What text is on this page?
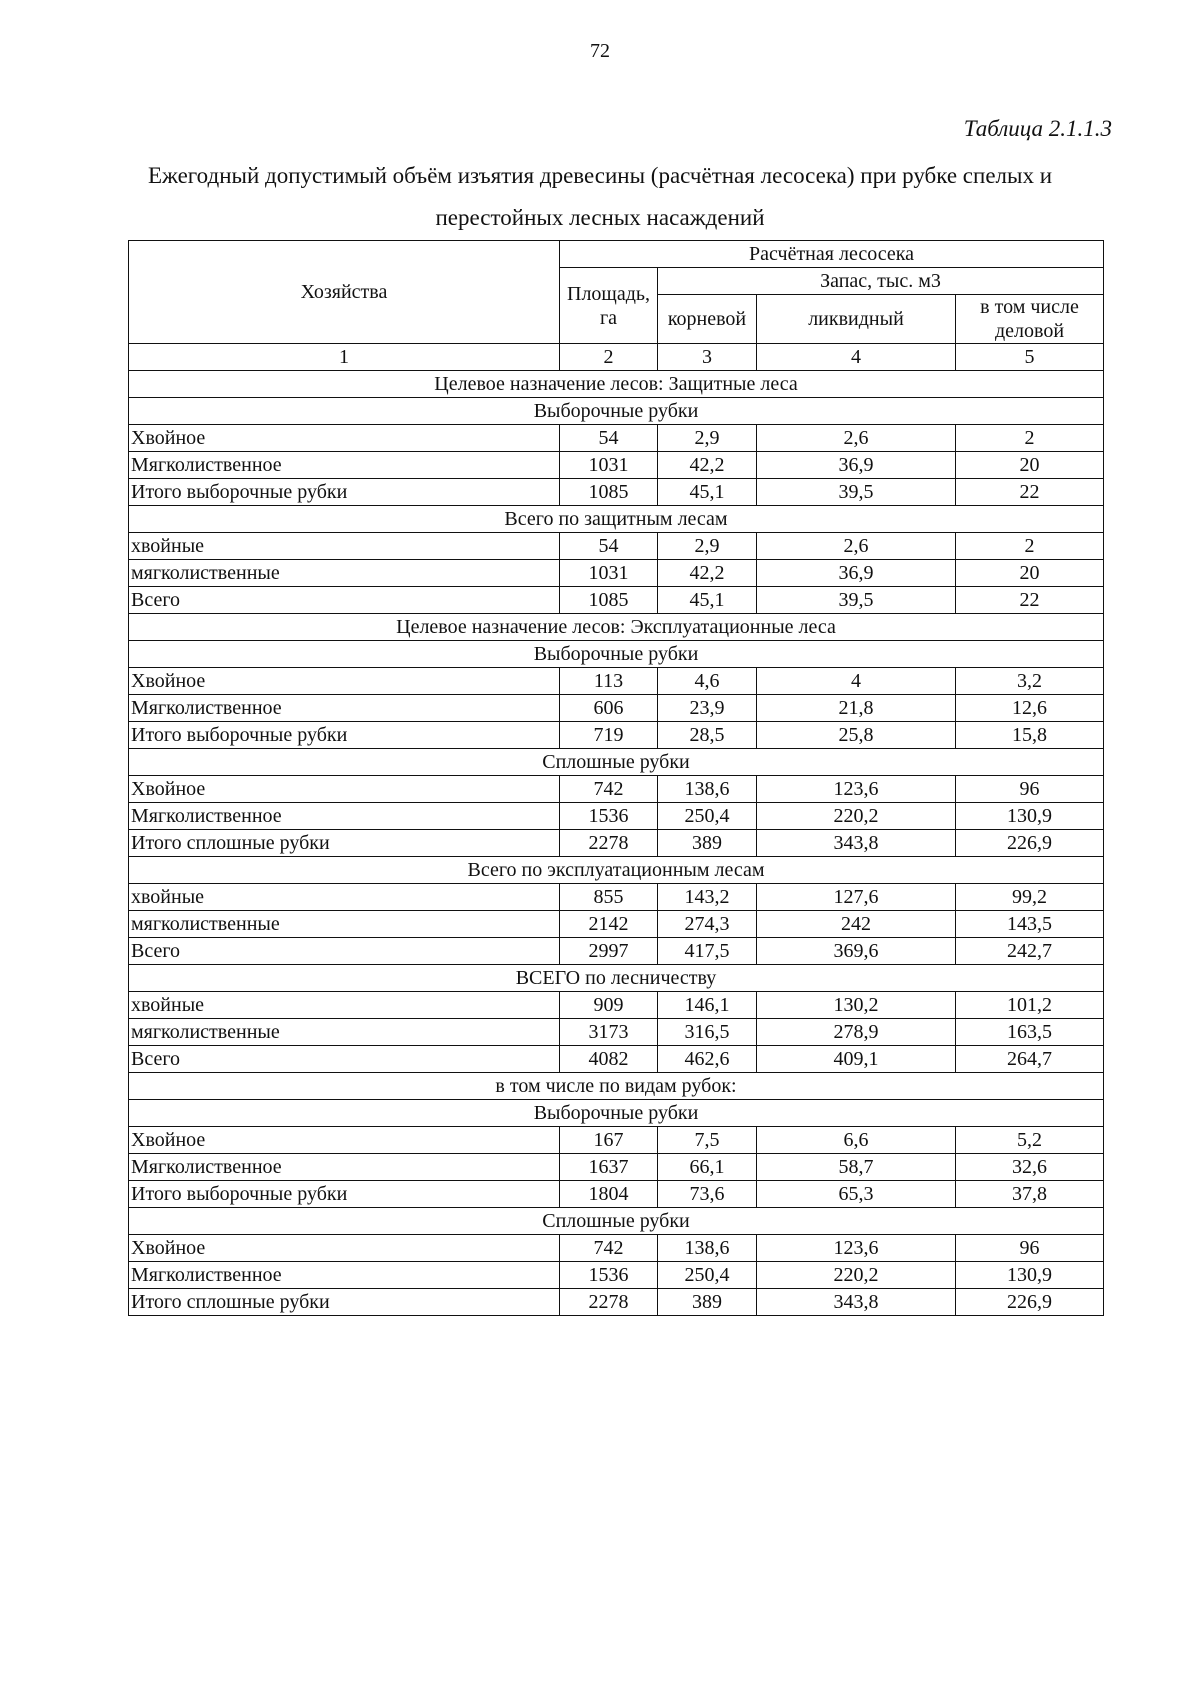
72
Таблица 2.1.1.3
Ежегодный допустимый объём изъятия древесины (расчётная лесосека) при рубке спелых и
перестойных лесных насаждений
Хозяйства	Расчётная лесосека			
	Площадь, га	Запас, тыс. м3		
		корневой	ликвидный	в том числе деловой
1	2	3	4	5
Целевое назначение лесов: Защитные леса				
Выборочные рубки				
Хвойное	54	2,9	2,6	2
Мягколиственное	1031	42,2	36,9	20
Итого выборочные рубки	1085	45,1	39,5	22
Всего по защитным лесам				
хвойные	54	2,9	2,6	2
мягколиственные	1031	42,2	36,9	20
Всего	1085	45,1	39,5	22
Целевое назначение лесов: Эксплуатационные леса				
Выборочные рубки				
Хвойное	113	4,6	4	3,2
Мягколиственное	606	23,9	21,8	12,6
Итого выборочные рубки	719	28,5	25,8	15,8
Сплошные рубки				
Хвойное	742	138,6	123,6	96
Мягколиственное	1536	250,4	220,2	130,9
Итого сплошные рубки	2278	389	343,8	226,9
Всего по эксплуатационным лесам				
хвойные	855	143,2	127,6	99,2
мягколиственные	2142	274,3	242	143,5
Всего	2997	417,5	369,6	242,7
ВСЕГО по лесничеству				
хвойные	909	146,1	130,2	101,2
мягколиственные	3173	316,5	278,9	163,5
Всего	4082	462,6	409,1	264,7
в том числе по видам рубок:				
Выборочные рубки				
Хвойное	167	7,5	6,6	5,2
Мягколиственное	1637	66,1	58,7	32,6
Итого выборочные рубки	1804	73,6	65,3	37,8
Сплошные рубки				
Хвойное	742	138,6	123,6	96
Мягколиственное	1536	250,4	220,2	130,9
Итого сплошные рубки	2278	389	343,8	226,9
